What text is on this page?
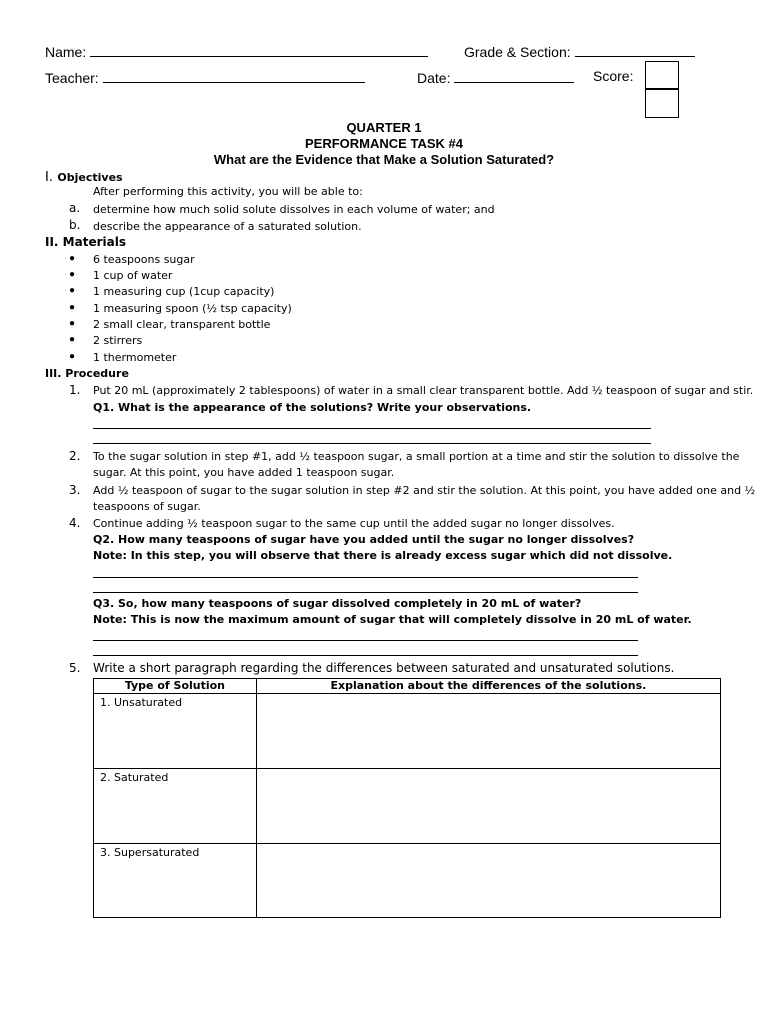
Name:	Grade & Section:
Teacher:	Date:	Score:
QUARTER 1
PERFORMANCE TASK #4
What are the Evidence that Make a Solution Saturated?
I. Objectives
After performing this activity, you will be able to:
a. determine how much solid solute dissolves in each volume of water; and
b. describe the appearance of a saturated solution.
II. Materials
● 6 teaspoons sugar
● 1 cup of water
● 1 measuring cup (1cup capacity)
● 1 measuring spoon (½ tsp capacity)
● 2 small clear, transparent bottle
● 2 stirrers
● 1 thermometer
III. Procedure
1. Put 20 mL (approximately 2 tablespoons) of water in a small clear transparent bottle. Add ½ teaspoon of sugar and stir.
Q1. What is the appearance of the solutions? Write your observations.
2. To the sugar solution in step #1, add ½ teaspoon sugar, a small portion at a time and stir the solution to dissolve the
sugar. At this point, you have added 1 teaspoon sugar.
3. Add ½ teaspoon of sugar to the sugar solution in step #2 and stir the solution. At this point, you have added one and ½
teaspoons of sugar.
4. Continue adding ½ teaspoon sugar to the same cup until the added sugar no longer dissolves.
Q2. How many teaspoons of sugar have you added until the sugar no longer dissolves?
Note: In this step, you will observe that there is already excess sugar which did not dissolve.
Q3. So, how many teaspoons of sugar dissolved completely in 20 mL of water?
Note: This is now the maximum amount of sugar that will completely dissolve in 20 mL of water.
5. Write a short paragraph regarding the differences between saturated and unsaturated solutions.
Type of Solution	Explanation about the differences of the solutions.
1. Unsaturated	
2. Saturated	
3. Supersaturated	
